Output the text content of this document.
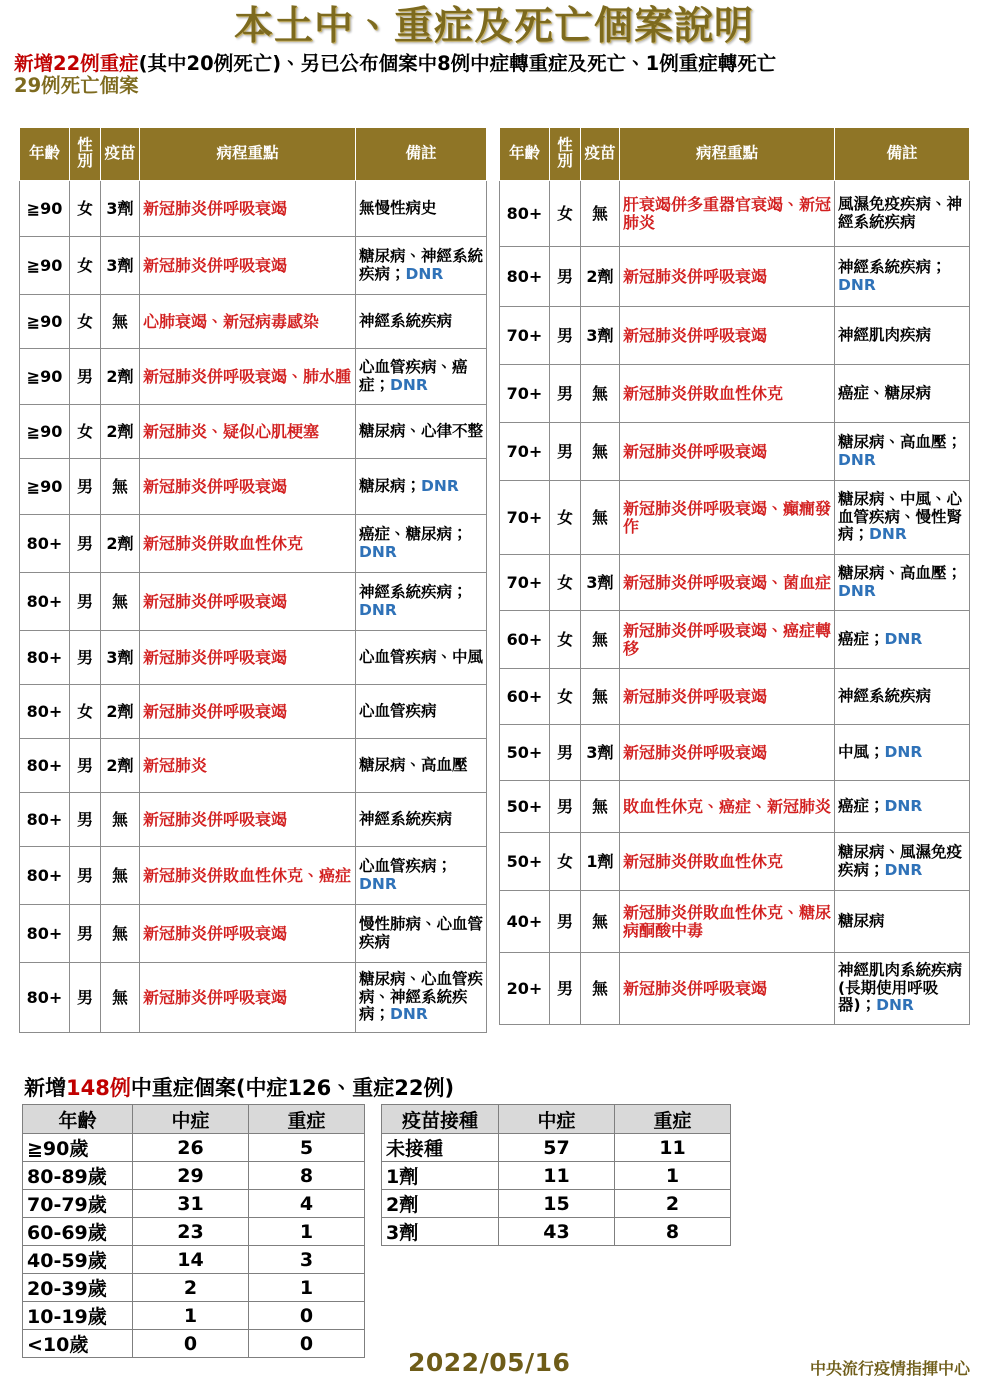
本土中、重症及死亡個案說明
新增22例重症(其中20例死亡)、另已公布個案中8例中症轉重症及死亡、1例重症轉死亡
29例死亡個案
年齡	性別	疫苗	病程重點	備註
≧90	女	3劑	新冠肺炎併呼吸衰竭	無慢性病史
≧90	女	3劑	新冠肺炎併呼吸衰竭	糖尿病、神經系統疾病；DNR
≧90	女	無	心肺衰竭、新冠病毒感染	神經系統疾病
≧90	男	2劑	新冠肺炎併呼吸衰竭、肺水腫	心血管疾病、癌症；DNR
≧90	女	2劑	新冠肺炎、疑似心肌梗塞	糖尿病、心律不整
≧90	男	無	新冠肺炎併呼吸衰竭	糖尿病；DNR
80+	男	2劑	新冠肺炎併敗血性休克	癌症、糖尿病；DNR
80+	男	無	新冠肺炎併呼吸衰竭	神經系統疾病；DNR
80+	男	3劑	新冠肺炎併呼吸衰竭	心血管疾病、中風
80+	女	2劑	新冠肺炎併呼吸衰竭	心血管疾病
80+	男	2劑	新冠肺炎	糖尿病、高血壓
80+	男	無	新冠肺炎併呼吸衰竭	神經系統疾病
80+	男	無	新冠肺炎併敗血性休克、癌症	心血管疾病；DNR
80+	男	無	新冠肺炎併呼吸衰竭	慢性肺病、心血管疾病
80+	男	無	新冠肺炎併呼吸衰竭	糖尿病、心血管疾病、神經系統疾病；DNR
年齡	性別	疫苗	病程重點	備註
80+	女	無	肝衰竭併多重器官衰竭、新冠肺炎	風濕免疫疾病、神經系統疾病
80+	男	2劑	新冠肺炎併呼吸衰竭	神經系統疾病；DNR
70+	男	3劑	新冠肺炎併呼吸衰竭	神經肌肉疾病
70+	男	無	新冠肺炎併敗血性休克	癌症、糖尿病
70+	男	無	新冠肺炎併呼吸衰竭	糖尿病、高血壓；DNR
70+	女	無	新冠肺炎併呼吸衰竭、癲癇發作	糖尿病、中風、心血管疾病、慢性腎病；DNR
70+	女	3劑	新冠肺炎併呼吸衰竭、菌血症	糖尿病、高血壓；DNR
60+	女	無	新冠肺炎併呼吸衰竭、癌症轉移	癌症；DNR
60+	女	無	新冠肺炎併呼吸衰竭	神經系統疾病
50+	男	3劑	新冠肺炎併呼吸衰竭	中風；DNR
50+	男	無	敗血性休克、癌症、新冠肺炎	癌症；DNR
50+	女	1劑	新冠肺炎併敗血性休克	糖尿病、風濕免疫疾病；DNR
40+	男	無	新冠肺炎併敗血性休克、糖尿病酮酸中毒	糖尿病
20+	男	無	新冠肺炎併呼吸衰竭	神經肌肉系統疾病(長期使用呼吸器)；DNR
新增148例中重症個案(中症126、重症22例)
年齡	中症	重症
≧90歲	26	5
80-89歲	29	8
70-79歲	31	4
60-69歲	23	1
40-59歲	14	3
20-39歲	2	1
10-19歲	1	0
<10歲	0	0
疫苗接種	中症	重症
未接種	57	11
1劑	11	1
2劑	15	2
3劑	43	8
2022/05/16	中央流行疫情指揮中心
